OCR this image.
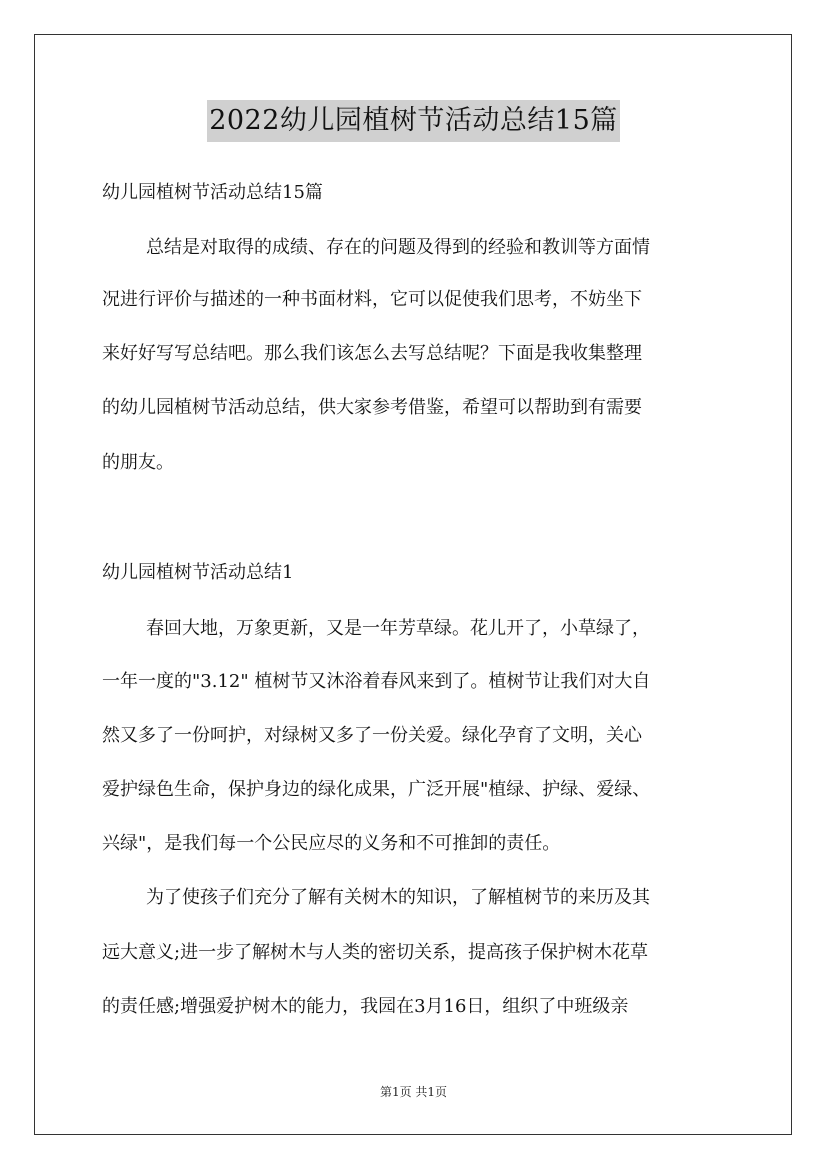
2022幼儿园植树节活动总结15篇

幼儿园植树节活动总结15篇

总结是对取得的成绩、存在的问题及得到的经验和教训等方面情

况进行评价与描述的一种书面材料，它可以促使我们思考，不妨坐下

来好好写写总结吧。那么我们该怎么去写总结呢？下面是我收集整理

的幼儿园植树节活动总结，供大家参考借鉴，希望可以帮助到有需要

的朋友。

幼儿园植树节活动总结1

春回大地，万象更新，又是一年芳草绿。花儿开了，小草绿了，

一年一度的"3.12" 植树节又沐浴着春风来到了。植树节让我们对大自

然又多了一份呵护，对绿树又多了一份关爱。绿化孕育了文明，关心

爱护绿色生命，保护身边的绿化成果，广泛开展"植绿、护绿、爱绿、

兴绿"，是我们每一个公民应尽的义务和不可推卸的责任。

为了使孩子们充分了解有关树木的知识，了解植树节的来历及其

远大意义;进一步了解树木与人类的密切关系，提高孩子保护树木花草

的责任感;增强爱护树木的能力，我园在3月16日，组织了中班级亲

第1页 共1页
